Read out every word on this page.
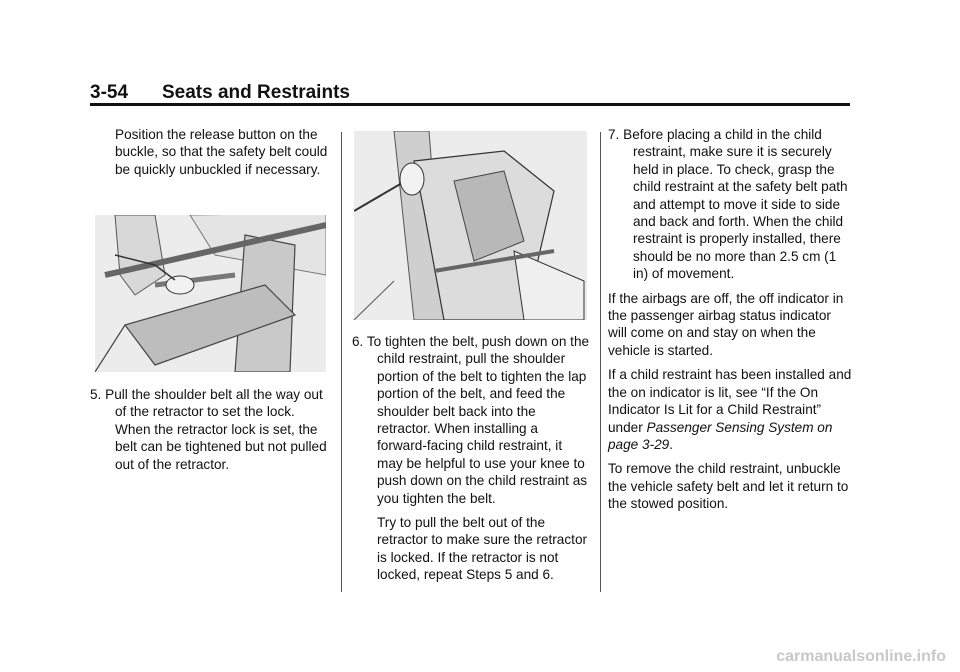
3-54 Seats and Restraints

Position the release button on the buckle, so that the safety belt could be quickly unbuckled if necessary.

5. Pull the shoulder belt all the way out of the retractor to set the lock. When the retractor lock is set, the belt can be tightened but not pulled out of the retractor.

6. To tighten the belt, push down on the child restraint, pull the shoulder portion of the belt to tighten the lap portion of the belt, and feed the shoulder belt back into the retractor. When installing a forward-facing child restraint, it may be helpful to use your knee to push down on the child restraint as you tighten the belt.

Try to pull the belt out of the retractor to make sure the retractor is locked. If the retractor is not locked, repeat Steps 5 and 6.

7. Before placing a child in the child restraint, make sure it is securely held in place. To check, grasp the child restraint at the safety belt path and attempt to move it side to side and back and forth. When the child restraint is properly installed, there should be no more than 2.5 cm (1 in) of movement.

If the airbags are off, the off indicator in the passenger airbag status indicator will come on and stay on when the vehicle is started.

If a child restraint has been installed and the on indicator is lit, see “If the On Indicator Is Lit for a Child Restraint” under Passenger Sensing System on page 3-29.

To remove the child restraint, unbuckle the vehicle safety belt and let it return to the stowed position.

carmanualsonline.info
